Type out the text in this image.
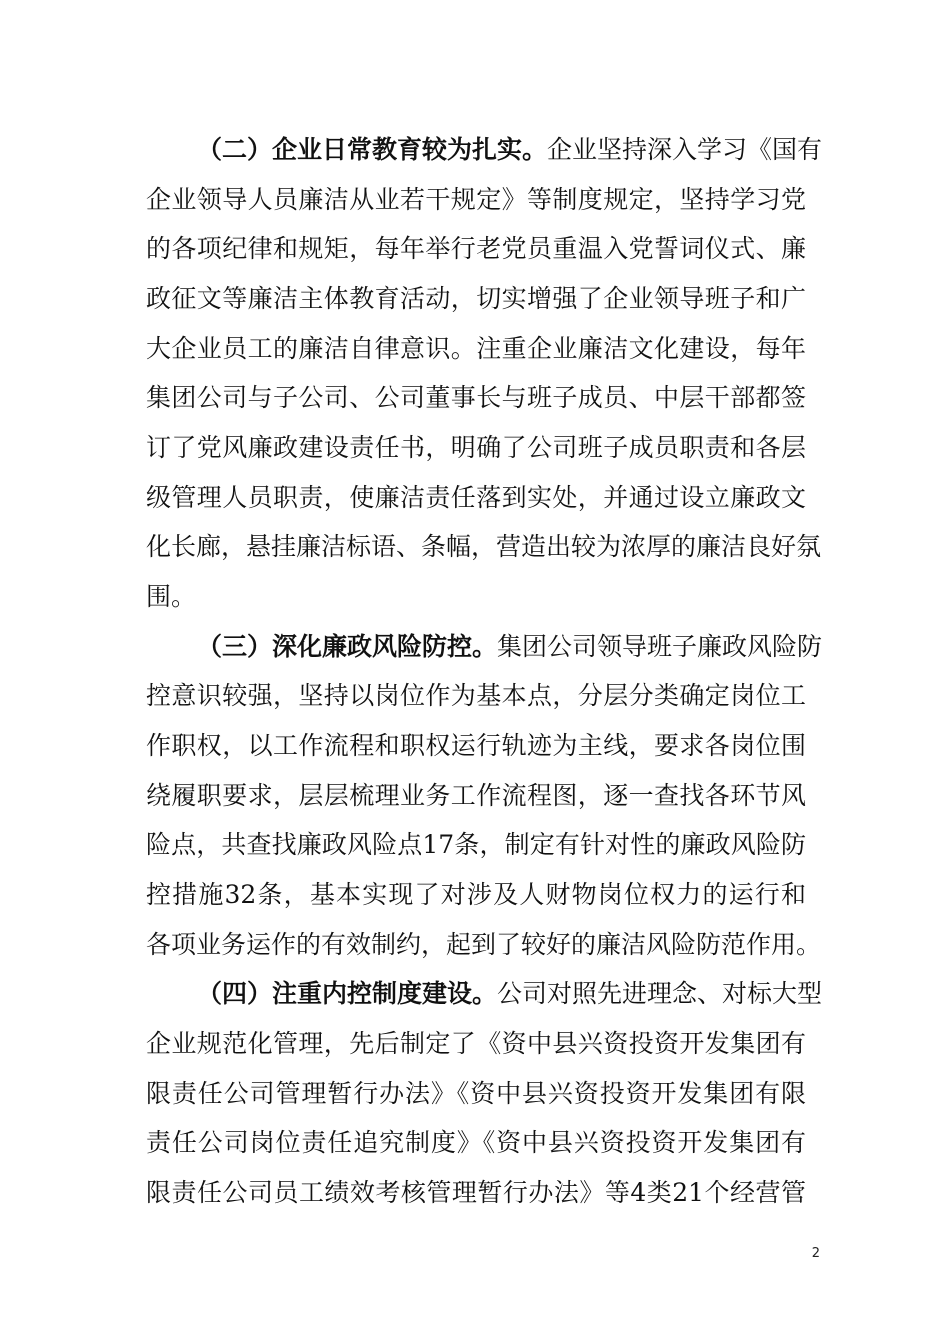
（二）企业日常教育较为扎实。企业坚持深入学习《国有
企业领导人员廉洁从业若干规定》等制度规定，坚持学习党
的各项纪律和规矩，每年举行老党员重温入党誓词仪式、廉
政征文等廉洁主体教育活动，切实增强了企业领导班子和广
大企业员工的廉洁自律意识。注重企业廉洁文化建设，每年
集团公司与子公司、公司董事长与班子成员、中层干部都签
订了党风廉政建设责任书，明确了公司班子成员职责和各层
级管理人员职责，使廉洁责任落到实处，并通过设立廉政文
化长廊，悬挂廉洁标语、条幅，营造出较为浓厚的廉洁良好氛
围。
（三）深化廉政风险防控。集团公司领导班子廉政风险防
控意识较强，坚持以岗位作为基本点，分层分类确定岗位工
作职权，以工作流程和职权运行轨迹为主线，要求各岗位围
绕履职要求，层层梳理业务工作流程图，逐一查找各环节风
险点，共查找廉政风险点17条，制定有针对性的廉政风险防
控措施32条，基本实现了对涉及人财物岗位权力的运行和
各项业务运作的有效制约，起到了较好的廉洁风险防范作用。
（四）注重内控制度建设。公司对照先进理念、对标大型
企业规范化管理，先后制定了《资中县兴资投资开发集团有
限责任公司管理暂行办法》《资中县兴资投资开发集团有限
责任公司岗位责任追究制度》《资中县兴资投资开发集团有
限责任公司员工绩效考核管理暂行办法》等4类21个经营管
2
